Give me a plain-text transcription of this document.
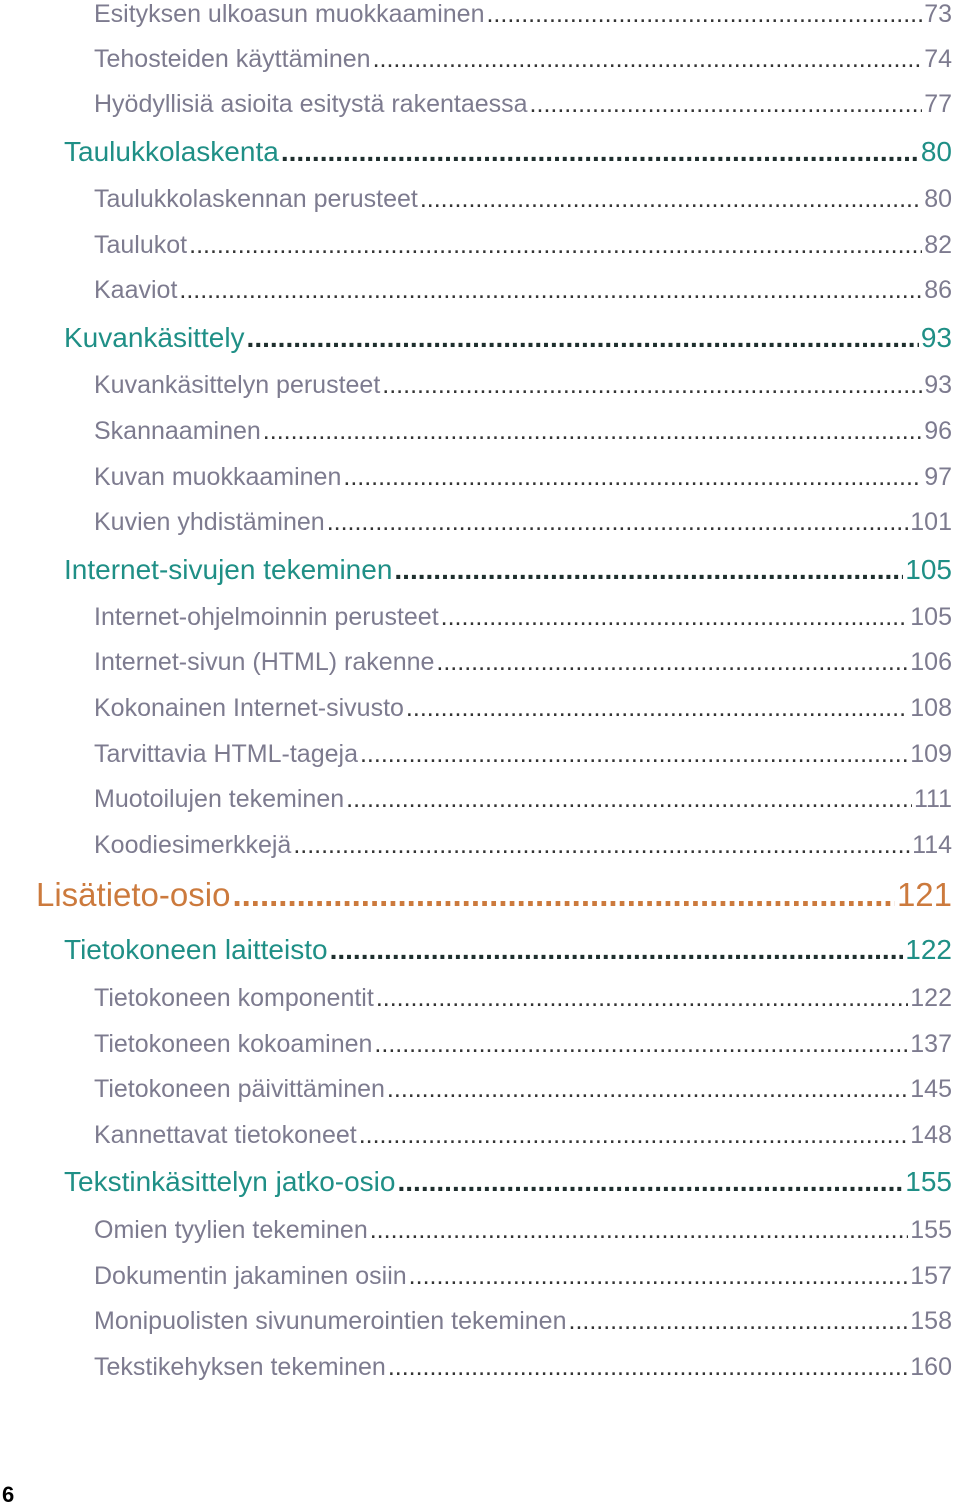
Esityksen ulkoasun muokkaaminen .....	73
Tehosteiden käyttäminen .....	74
Hyödyllisiä asioita esitystä rakentaessa .....	77
Taulukkolaskenta .....	80
Taulukkolaskennan perusteet .....	80
Taulukot .....	82
Kaaviot .....	86
Kuvankäsittely .....	93
Kuvankäsittelyn perusteet .....	93
Skannaaminen .....	96
Kuvan muokkaaminen .....	97
Kuvien yhdistäminen .....	101
Internet-sivujen tekeminen .....	105
Internet-ohjelmoinnin perusteet .....	105
Internet-sivun (HTML) rakenne .....	106
Kokonainen Internet-sivusto .....	108
Tarvittavia HTML-tageja .....	109
Muotoilujen tekeminen .....	111
Koodiesimerkkejä .....	114
Lisätieto-osio .....	121
Tietokoneen laitteisto .....	122
Tietokoneen komponentit .....	122
Tietokoneen kokoaminen .....	137
Tietokoneen päivittäminen .....	145
Kannettavat tietokoneet .....	148
Tekstinkäsittelyn jatko-osio .....	155
Omien tyylien tekeminen .....	155
Dokumentin jakaminen osiin .....	157
Monipuolisten sivunumerointien tekeminen .....	158
Tekstikehyksen tekeminen .....	160
6
